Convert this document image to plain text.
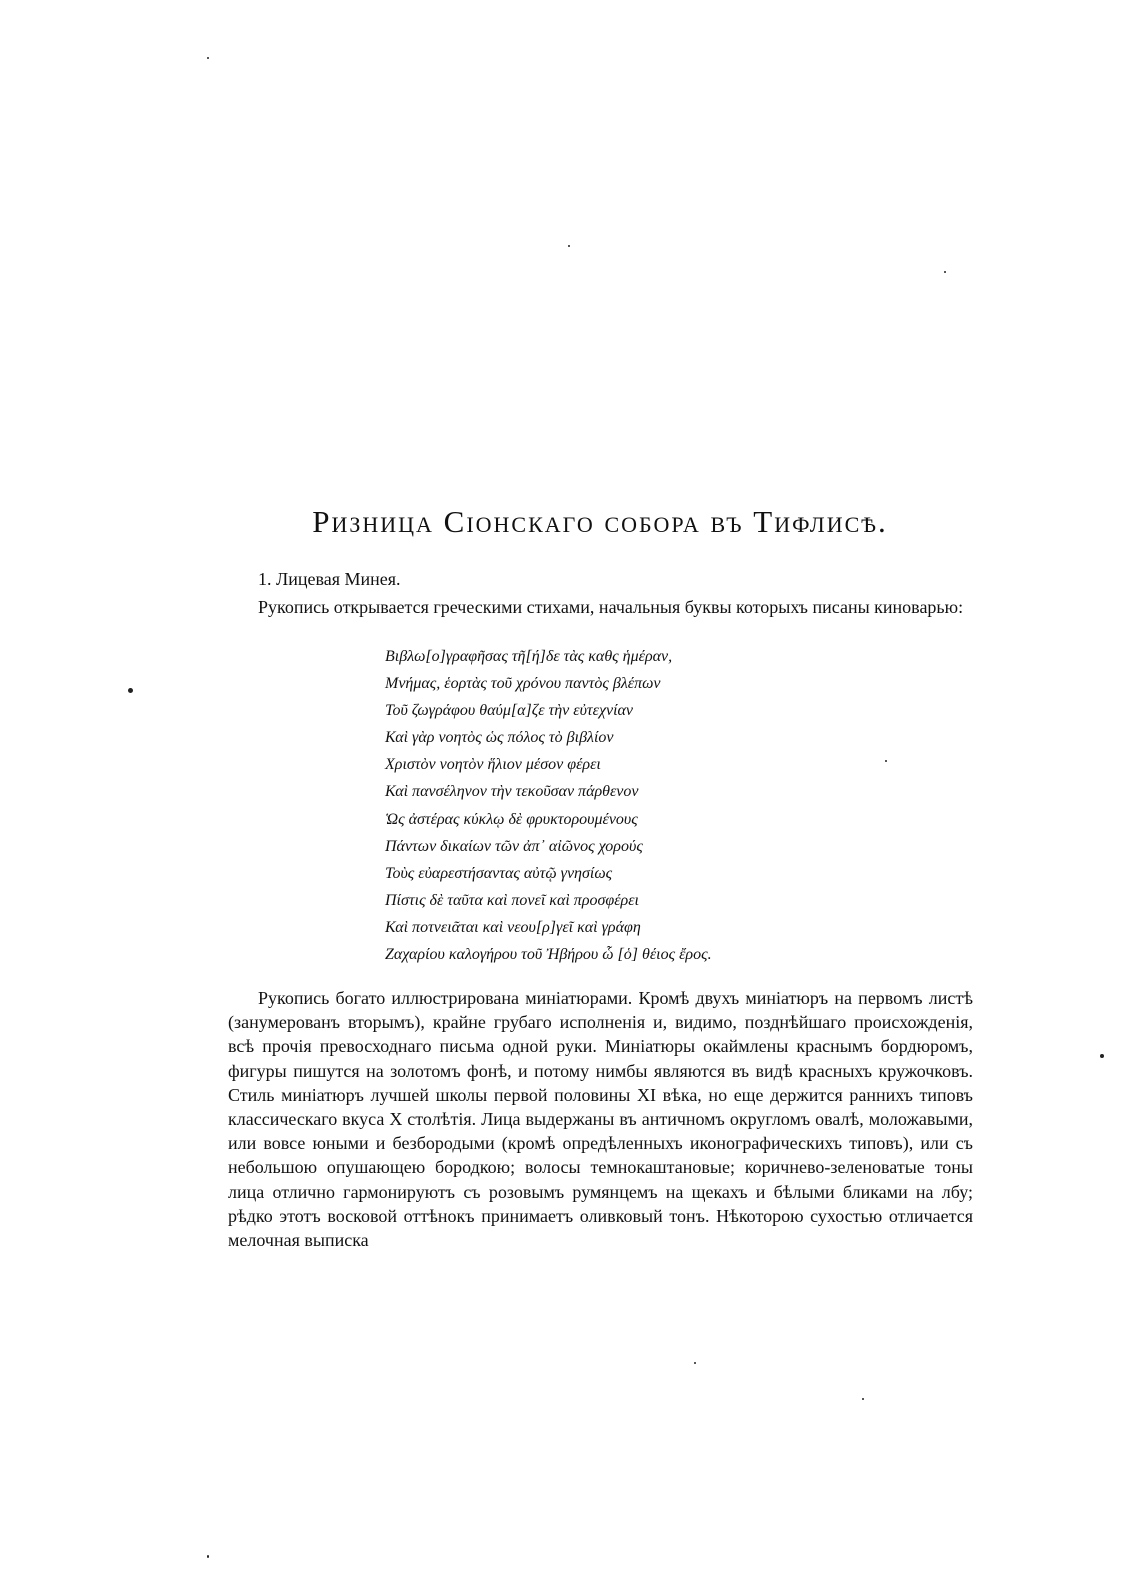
Ризница Сіонскаго собора въ Тифлисѣ.

1. Лицевая Минея.

Рукопись открывается греческими стихами, начальныя буквы которыхъ писаны киноварью:

Βιβλω[ο]γραφῆσας τῆ[ή]δε τὰς καθς ἡμέραν,
Μνήμας, ἑορτὰς τοῦ χρόνου παντὸς βλέπων
Τοῦ ζωγράφου θαύμ[α]ζε τὴν εὐτεχνίαν
Καὶ γὰρ νοητὸς ὡς πόλος τὸ βιβλίον
Χριστὸν νοητὸν ἥλιον μέσον φέρει
Καὶ πανσέληνον τὴν τεκοῦσαν πάρθενον
Ὡς ἀστέρας κύκλῳ δὲ φρυκτορουμένους
Πάντων δικαίων τῶν ἀπ᾽ αἰῶνος χορούς
Τοὺς εὐαρεστήσαντας αὐτῷ γνησίως
Πίστις δὲ ταῦτα καὶ πονεῖ καὶ προσφέρει
Καὶ ποτνειᾶται καὶ νεου[ρ]γεῖ καὶ γράφη
Ζαχαρίου καλογήρου τοῦ Ἠβήρου ὧ [ὁ] θέιος ἔρος.

Рукопись богато иллюстрирована миніатюрами. Кромѣ двухъ миніатюръ на первомъ листѣ (занумерованъ вторымъ), крайне грубаго исполненія и, видимо, позднѣйшаго происхожденія, всѣ прочія превосходнаго письма одной руки. Миніатюры окаймлены краснымъ бордюромъ, фигуры пишутся на золотомъ фонѣ, и потому нимбы являются въ видѣ красныхъ кружочковъ. Стиль миніатюръ лучшей школы первой половины XI вѣка, но еще держится раннихъ типовъ классическаго вкуса X столѣтія. Лица выдержаны въ античномъ округломъ овалѣ, моложавыми, или вовсе юными и безбородыми (кромѣ опредѣленныхъ иконографическихъ типовъ), или съ небольшою опушающею бородкою; волосы темнокаштановые; коричнево-зеленоватые тоны лица отлично гармонируютъ съ розовымъ румянцемъ на щекахъ и бѣлыми бликами на лбу; рѣдко этотъ восковой оттѣнокъ принимаетъ оливковый тонъ. Нѣкоторою сухостью отличается мелочная выписка
